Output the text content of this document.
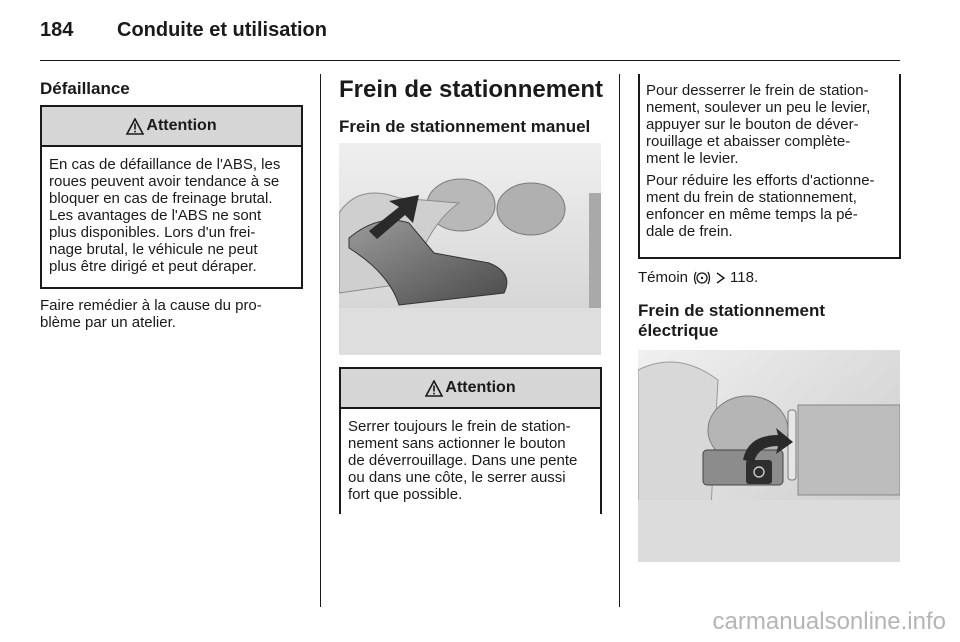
184 Conduite et utilisation
Défaillance
Attention
En cas de défaillance de l'ABS, les
roues peuvent avoir tendance à se
bloquer en cas de freinage brutal.
Les avantages de l'ABS ne sont
plus disponibles. Lors d'un frei-
nage brutal, le véhicule ne peut
plus être dirigé et peut déraper.
Faire remédier à la cause du pro-
blème par un atelier.
Frein de stationnement
Frein de stationnement manuel
Attention
Serrer toujours le frein de station-
nement sans actionner le bouton
de déverrouillage. Dans une pente
ou dans une côte, le serrer aussi
fort que possible.
Pour desserrer le frein de station-
nement, soulever un peu le levier,
appuyer sur le bouton de déver-
rouillage et abaisser complète-
ment le levier.
Pour réduire les efforts d'actionne-
ment du frein de stationnement,
enfoncer en même temps la pé-
dale de frein.
Témoin	118.
Frein de stationnement
électrique
carmanualsonline.info
